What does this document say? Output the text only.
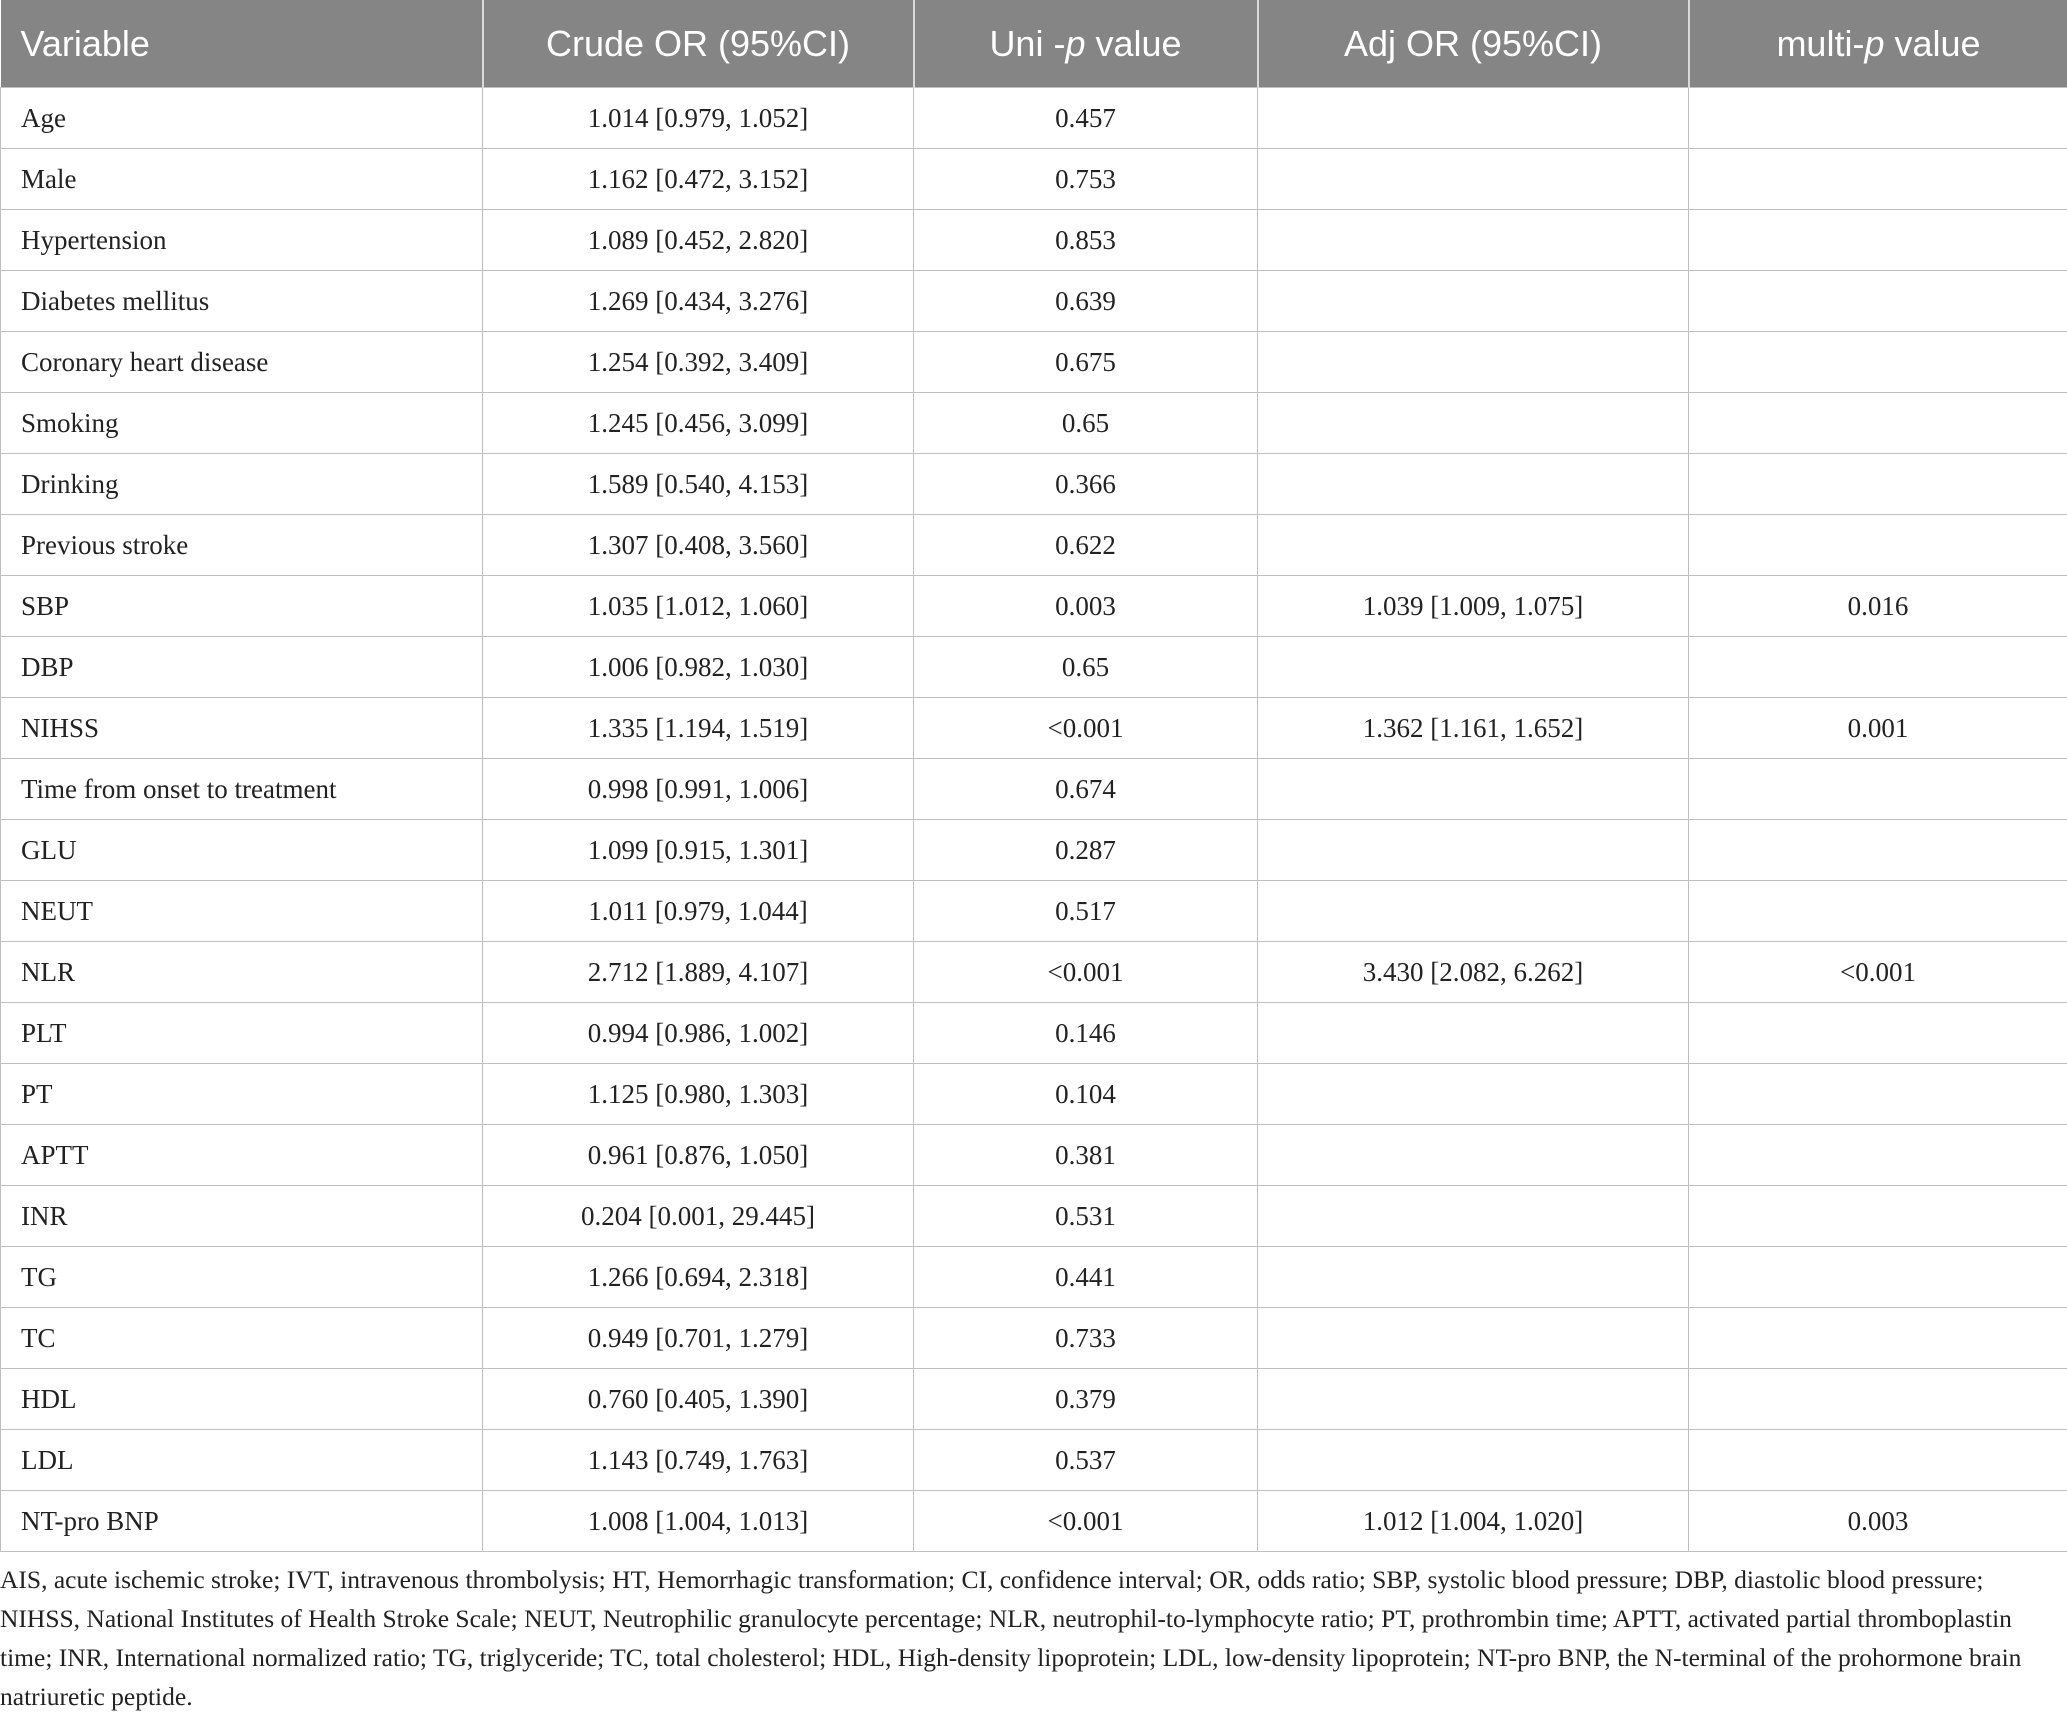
Variable	Crude OR (95%CI)	Uni -p value	Adj OR (95%CI)	multi-p value
Age	1.014 [0.979, 1.052]	0.457		
Male	1.162 [0.472, 3.152]	0.753		
Hypertension	1.089 [0.452, 2.820]	0.853		
Diabetes mellitus	1.269 [0.434, 3.276]	0.639		
Coronary heart disease	1.254 [0.392, 3.409]	0.675		
Smoking	1.245 [0.456, 3.099]	0.65		
Drinking	1.589 [0.540, 4.153]	0.366		
Previous stroke	1.307 [0.408, 3.560]	0.622		
SBP	1.035 [1.012, 1.060]	0.003	1.039 [1.009, 1.075]	0.016
DBP	1.006 [0.982, 1.030]	0.65		
NIHSS	1.335 [1.194, 1.519]	<0.001	1.362 [1.161, 1.652]	0.001
Time from onset to treatment	0.998 [0.991, 1.006]	0.674		
GLU	1.099 [0.915, 1.301]	0.287		
NEUT	1.011 [0.979, 1.044]	0.517		
NLR	2.712 [1.889, 4.107]	<0.001	3.430 [2.082, 6.262]	<0.001
PLT	0.994 [0.986, 1.002]	0.146		
PT	1.125 [0.980, 1.303]	0.104		
APTT	0.961 [0.876, 1.050]	0.381		
INR	0.204 [0.001, 29.445]	0.531		
TG	1.266 [0.694, 2.318]	0.441		
TC	0.949 [0.701, 1.279]	0.733		
HDL	0.760 [0.405, 1.390]	0.379		
LDL	1.143 [0.749, 1.763]	0.537		
NT-pro BNP	1.008 [1.004, 1.013]	<0.001	1.012 [1.004, 1.020]	0.003

AIS, acute ischemic stroke; IVT, intravenous thrombolysis; HT, Hemorrhagic transformation; CI, confidence interval; OR, odds ratio; SBP, systolic blood pressure; DBP, diastolic blood pressure; NIHSS, National Institutes of Health Stroke Scale; NEUT, Neutrophilic granulocyte percentage; NLR, neutrophil-to-lymphocyte ratio; PT, prothrombin time; APTT, activated partial thromboplastin time; INR, International normalized ratio; TG, triglyceride; TC, total cholesterol; HDL, High-density lipoprotein; LDL, low-density lipoprotein; NT-pro BNP, the N-terminal of the prohormone brain natriuretic peptide.
